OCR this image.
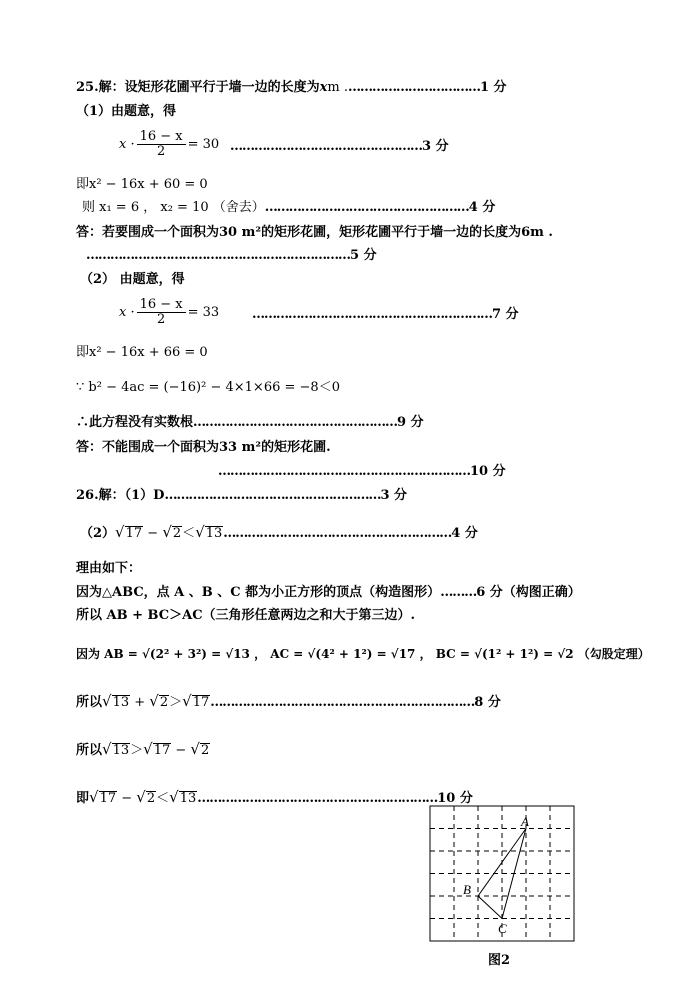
25.解：设矩形花圃平行于墙一边的长度为xm .……………………………1 分
（1）由题意，得
$x \cdot \frac{16 - x}{2} = 30$ …………………………………………3 分
即x² − 16x + 60 = 0
则 x₁ = 6 ， x₂ = 10 （舍去）……………………………………………4 分
答：若要围成一个面积为30 m²的矩形花圃，矩形花圃平行于墙一边的长度为6m .
…………………………………………………………5 分
（2） 由题意，得
$x \cdot \frac{16 - x}{2} = 33$	……………………………………………………7 分
即x² − 16x + 66 = 0
∵ b² − 4ac = (−16)² − 4×1×66 = −8＜0
∴此方程没有实数根……………………………………………9 分
答：不能围成一个面积为33 m²的矩形花圃.
………………………………………………………10 分
26.解：（1）D………………………………………………3 分
（2）√17 − √2＜√13…………………………………………………4 分
理由如下：
因为△ABC，点 A 、B 、C 都为小正方形的顶点（构造图形）………6 分（构图正确）
所以 AB + BC＞AC（三角形任意两边之和大于第三边）.
因为 AB = √(2² + 3²) = √13 ， AC = √(4² + 1²) = √17 ， BC = √(1² + 1²) = √2 （勾股定理）
所以√13 + √2＞√17…………………………………………………………8 分
所以√13＞√17 − √2
即√17 − √2＜√13……………………………………………………10 分
A
B
C
图2
